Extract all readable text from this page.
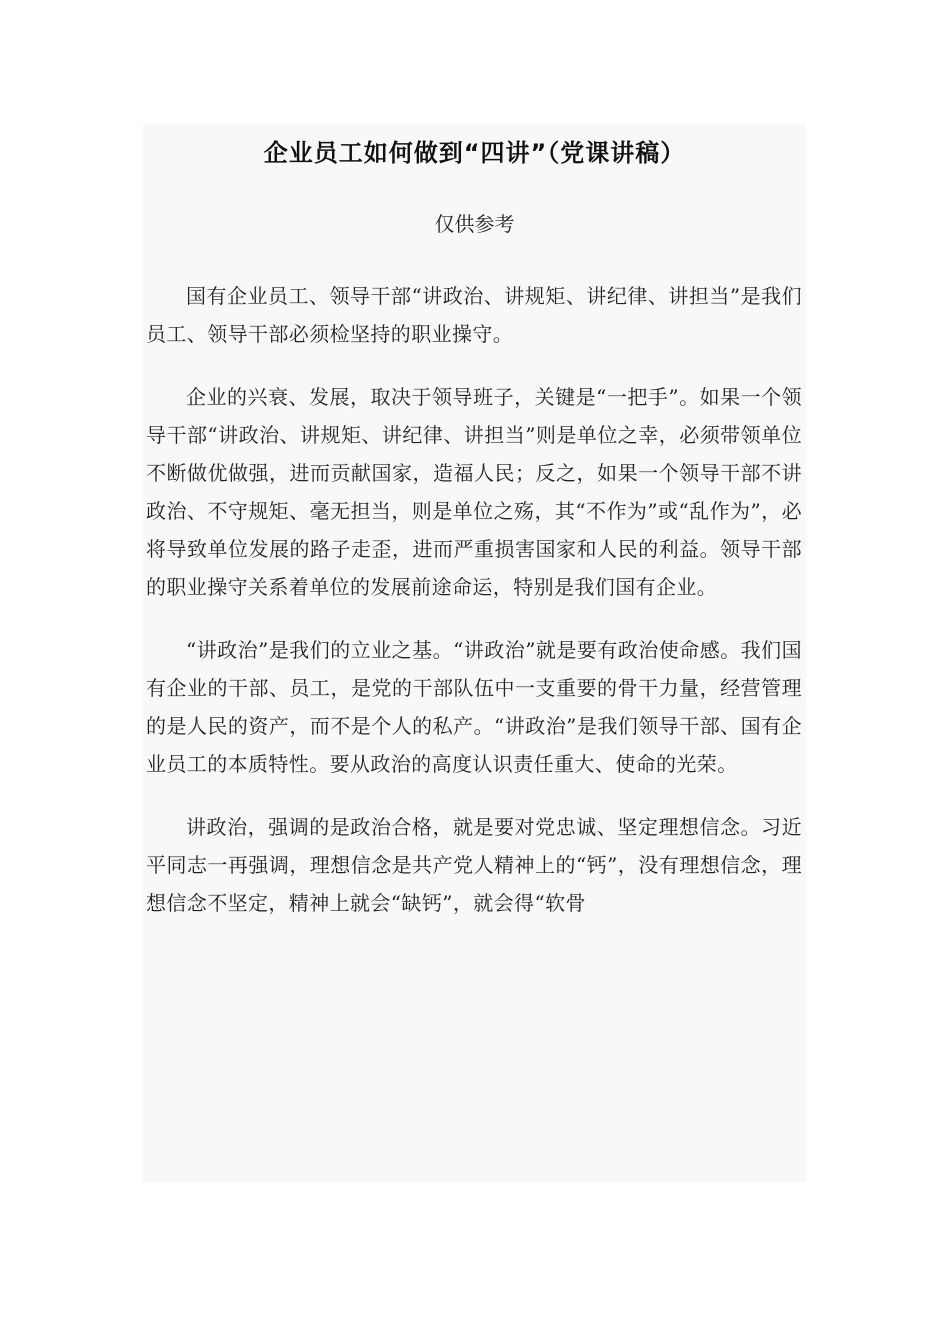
企业员工如何做到“四讲”（党课讲稿）

仅供参考

国有企业员工、领导干部“讲政治、讲规矩、讲纪律、讲担当”是我们员工、领导干部必须检坚持的职业操守。

企业的兴衰、发展，取决于领导班子，关键是“一把手”。如果一个领导干部“讲政治、讲规矩、讲纪律、讲担当”则是单位之幸，必须带领单位不断做优做强，进而贡献国家，造福人民；反之，如果一个领导干部不讲政治、不守规矩、毫无担当，则是单位之殇，其“不作为”或“乱作为”，必将导致单位发展的路子走歪，进而严重损害国家和人民的利益。领导干部的职业操守关系着单位的发展前途命运，特别是我们国有企业。

“讲政治”是我们的立业之基。“讲政治”就是要有政治使命感。我们国有企业的干部、员工，是党的干部队伍中一支重要的骨干力量，经营管理的是人民的资产，而不是个人的私产。“讲政治”是我们领导干部、国有企业员工的本质特性。要从政治的高度认识责任重大、使命的光荣。

讲政治，强调的是政治合格，就是要对党忠诚、坚定理想信念。习近平同志一再强调，理想信念是共产党人精神上的“钙”，没有理想信念，理想信念不坚定，精神上就会“缺钙”，就会得“软骨
